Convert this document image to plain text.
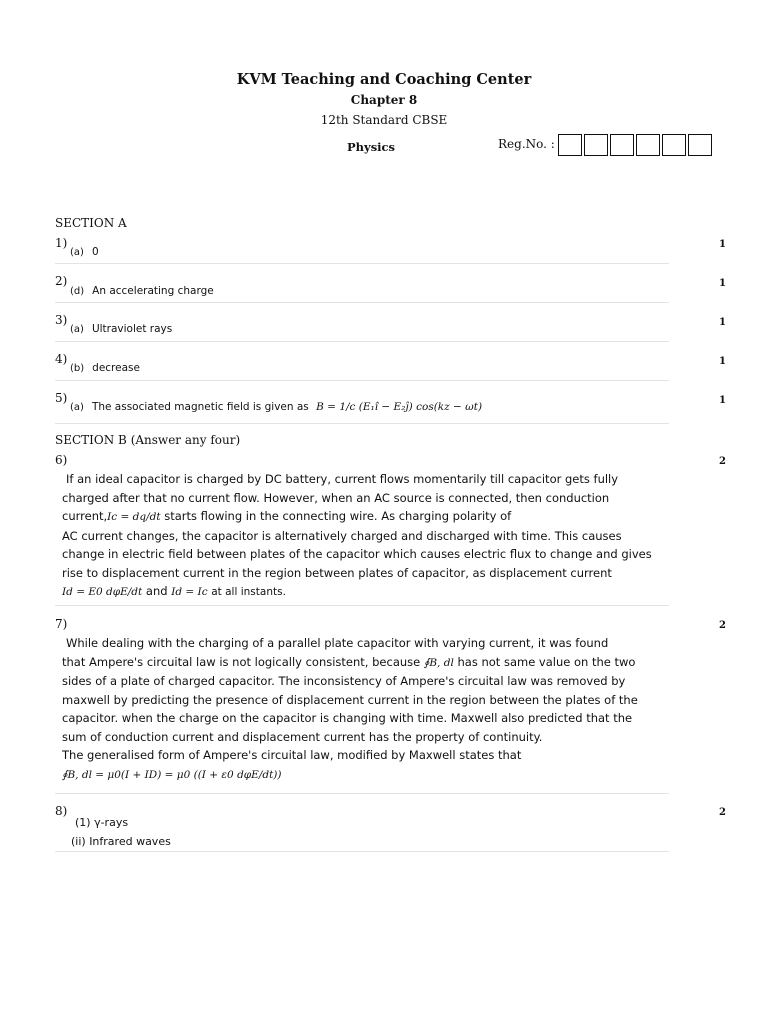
KVM Teaching and Coaching Center
Chapter 8
12th Standard CBSE
Physics	Reg.No. :
SECTION A
1)
(a) 0
1
2)
(d) An accelerating charge
1
3)
(a) Ultraviolet rays
1
4)
(b) decrease
1
5)
(a) The associated magnetic field is given as B = 1/c (E₁î − E₂ĵ) cos(kz − ωt)
1
SECTION B (Answer any four)
6)	2
If an ideal capacitor is charged by DC battery, current flows momentarily till capacitor gets fully
charged after that no current flow. However, when an AC source is connected, then conduction
current,Ic = dq/dt starts flowing in the connecting wire. As charging polarity of
AC current changes, the capacitor is alternatively charged and discharged with time. This causes
change in electric field between plates of the capacitor which causes electric flux to change and gives
rise to displacement current in the region between plates of capacitor, as displacement current
Id = E0 dφE/dt and Id = Ic at all instants.
7)	2
While dealing with the charging of a parallel plate capacitor with varying current, it was found
that Ampere's circuital law is not logically consistent, because ∮B, dl has not same value on the two
sides of a plate of charged capacitor. The inconsistency of Ampere's circuital law was removed by
maxwell by predicting the presence of displacement current in the region between the plates of the
capacitor. when the charge on the capacitor is changing with time. Maxwell also predicted that the
sum of conduction current and displacement current has the property of continuity.
The generalised form of Ampere's circuital law, modified by Maxwell states that
∮B, dl = μ0(I + ID) = μ0 ((I + ε0 dφE/dt))
8)	2
(1) γ-rays
(ii) Infrared waves
